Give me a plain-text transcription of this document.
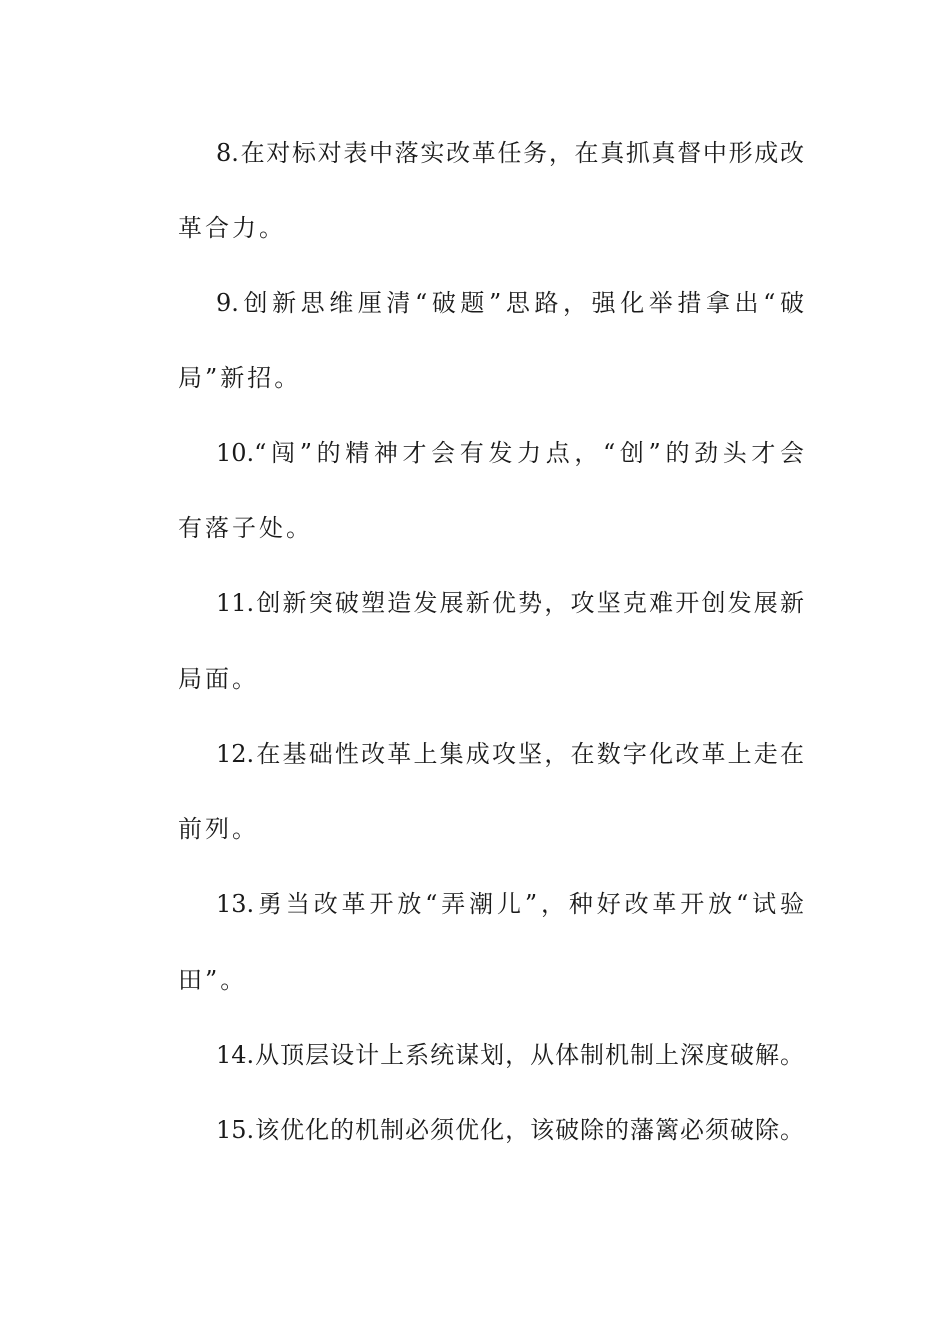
8.在对标对表中落实改革任务，在真抓真督中形成改
革合力。
9.创新思维厘清“破题”思路，强化举措拿出“破
局”新招。
10.“闯”的精神才会有发力点，“创”的劲头才会
有落子处。
11.创新突破塑造发展新优势，攻坚克难开创发展新
局面。
12.在基础性改革上集成攻坚，在数字化改革上走在
前列。
13.勇当改革开放“弄潮儿”，种好改革开放“试验
田”。
14.从顶层设计上系统谋划，从体制机制上深度破解。
15.该优化的机制必须优化，该破除的藩篱必须破除。
